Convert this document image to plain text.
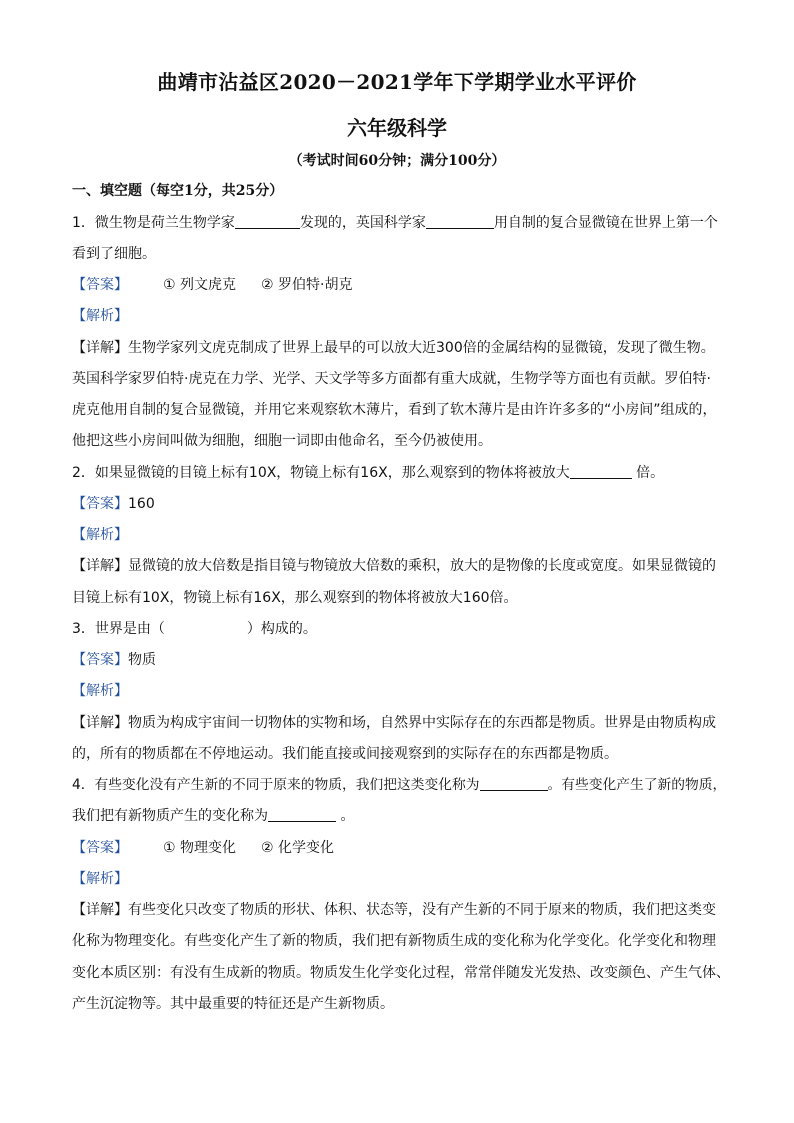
曲靖市沾益区2020－2021学年下学期学业水平评价
六年级科学
（考试时间60分钟；满分100分）
一、填空题（每空1分，共25分）
1．微生物是荷兰生物学家	发现的，英国科学家	用自制的复合显微镜在世界上第一个
看到了细胞。
【答案】	① 列文虎克 ② 罗伯特·胡克
【解析】
【详解】生物学家列文虎克制成了世界上最早的可以放大近300倍的金属结构的显微镜，发现了微生物。
英国科学家罗伯特·虎克在力学、光学、天文学等多方面都有重大成就，生物学等方面也有贡献。罗伯特·
虎克他用自制的复合显微镜，并用它来观察软木薄片，看到了软木薄片是由许许多多的“小房间”组成的，
他把这些小房间叫做为细胞，细胞一词即由他命名，至今仍被使用。
2．如果显微镜的目镜上标有10X，物镜上标有16X，那么观察到的物体将被放大	倍。
【答案】160
【解析】
【详解】显微镜的放大倍数是指目镜与物镜放大倍数的乘积，放大的是物像的长度或宽度。如果显微镜的
目镜上标有10X，物镜上标有16X，那么观察到的物体将被放大160倍。
3．世界是由（	）构成的。
【答案】物质
【解析】
【详解】物质为构成宇宙间一切物体的实物和场，自然界中实际存在的东西都是物质。世界是由物质构成
的，所有的物质都在不停地运动。我们能直接或间接观察到的实际存在的东西都是物质。
4．有些变化没有产生新的不同于原来的物质，我们把这类变化称为	。有些变化产生了新的物质，
我们把有新物质产生的变化称为	。
【答案】	① 物理变化 ② 化学变化
【解析】
【详解】有些变化只改变了物质的形状、体积、状态等，没有产生新的不同于原来的物质，我们把这类变
化称为物理变化。有些变化产生了新的物质，我们把有新物质生成的变化称为化学变化。化学变化和物理
变化本质区别：有没有生成新的物质。物质发生化学变化过程，常常伴随发光发热、改变颜色、产生气体、
产生沉淀物等。其中最重要的特征还是产生新物质。
